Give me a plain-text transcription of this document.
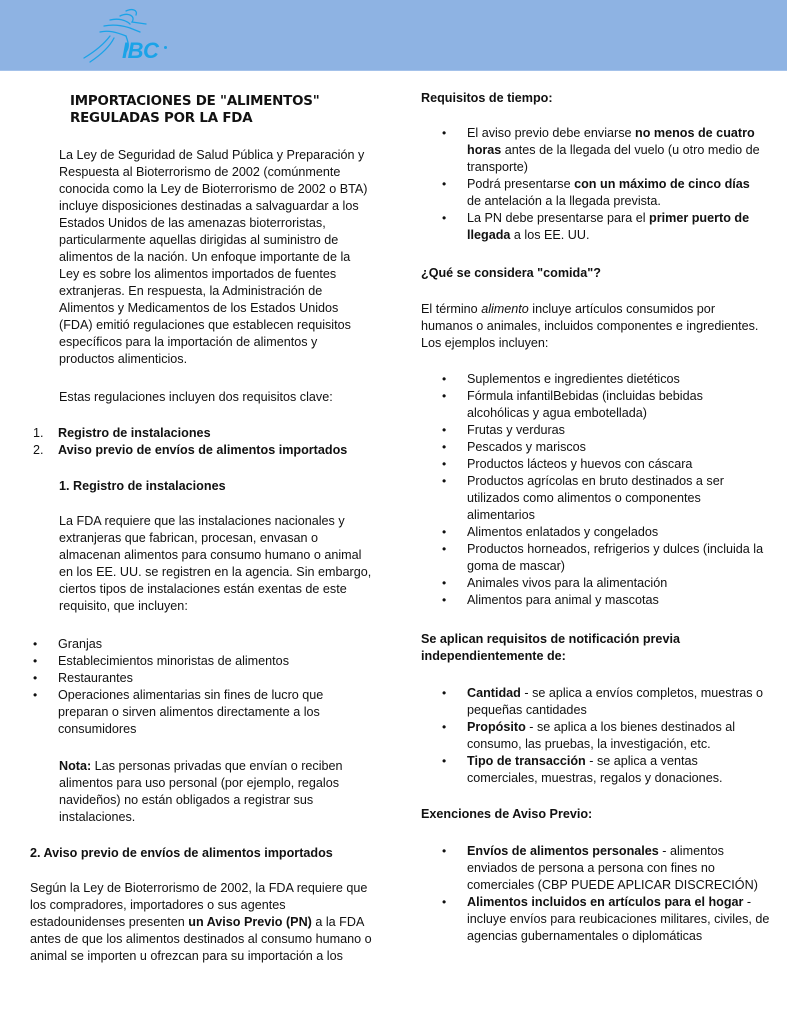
IBC
IMPORTACIONES DE "ALIMENTOS"
REGULADAS POR LA FDA
La Ley de Seguridad de Salud Pública y Preparación y Respuesta al Bioterrorismo de 2002 (comúnmente conocida como la Ley de Bioterrorismo de 2002 o BTA) incluye disposiciones destinadas a salvaguardar a los Estados Unidos de las amenazas bioterroristas, particularmente aquellas dirigidas al suministro de alimentos de la nación. Un enfoque importante de la Ley es sobre los alimentos importados de fuentes extranjeras. En respuesta, la Administración de Alimentos y Medicamentos de los Estados Unidos (FDA) emitió regulaciones que establecen requisitos específicos para la importación de alimentos y productos alimenticios.
Estas regulaciones incluyen dos requisitos clave:
1. Registro de instalaciones
2. Aviso previo de envíos de alimentos importados
1. Registro de instalaciones
La FDA requiere que las instalaciones nacionales y extranjeras que fabrican, procesan, envasan o almacenan alimentos para consumo humano o animal en los EE. UU. se registren en la agencia. Sin embargo, ciertos tipos de instalaciones están exentas de este requisito, que incluyen:
• Granjas
• Establecimientos minoristas de alimentos
• Restaurantes
• Operaciones alimentarias sin fines de lucro que preparan o sirven alimentos directamente a los consumidores
Nota: Las personas privadas que envían o reciben alimentos para uso personal (por ejemplo, regalos navideños) no están obligados a registrar sus instalaciones.
2. Aviso previo de envíos de alimentos importados
Según la Ley de Bioterrorismo de 2002, la FDA requiere que los compradores, importadores o sus agentes estadounidenses presenten un Aviso Previo (PN) a la FDA antes de que los alimentos destinados al consumo humano o animal se importen u ofrezcan para su importación a los
Requisitos de tiempo:
• El aviso previo debe enviarse no menos de cuatro horas antes de la llegada del vuelo (u otro medio de transporte)
• Podrá presentarse con un máximo de cinco días de antelación a la llegada prevista.
• La PN debe presentarse para el primer puerto de llegada a los EE. UU.
¿Qué se considera "comida"?
El término alimento incluye artículos consumidos por humanos o animales, incluidos componentes e ingredientes. Los ejemplos incluyen:
• Suplementos e ingredientes dietéticos
• Fórmula infantilBebidas (incluidas bebidas alcohólicas y agua embotellada)
• Frutas y verduras
• Pescados y mariscos
• Productos lácteos y huevos con cáscara
• Productos agrícolas en bruto destinados a ser utilizados como alimentos o componentes alimentarios
• Alimentos enlatados y congelados
• Productos horneados, refrigerios y dulces (incluida la goma de mascar)
• Animales vivos para la alimentación
• Alimentos para animal y mascotas
Se aplican requisitos de notificación previa independientemente de:
• Cantidad - se aplica a envíos completos, muestras o pequeñas cantidades
• Propósito - se aplica a los bienes destinados al consumo, las pruebas, la investigación, etc.
• Tipo de transacción - se aplica a ventas comerciales, muestras, regalos y donaciones.
Exenciones de Aviso Previo:
• Envíos de alimentos personales - alimentos enviados de persona a persona con fines no comerciales (CBP PUEDE APLICAR DISCRECIÓN)
• Alimentos incluidos en artículos para el hogar - incluye envíos para reubicaciones militares, civiles, de agencias gubernamentales o diplomáticas
